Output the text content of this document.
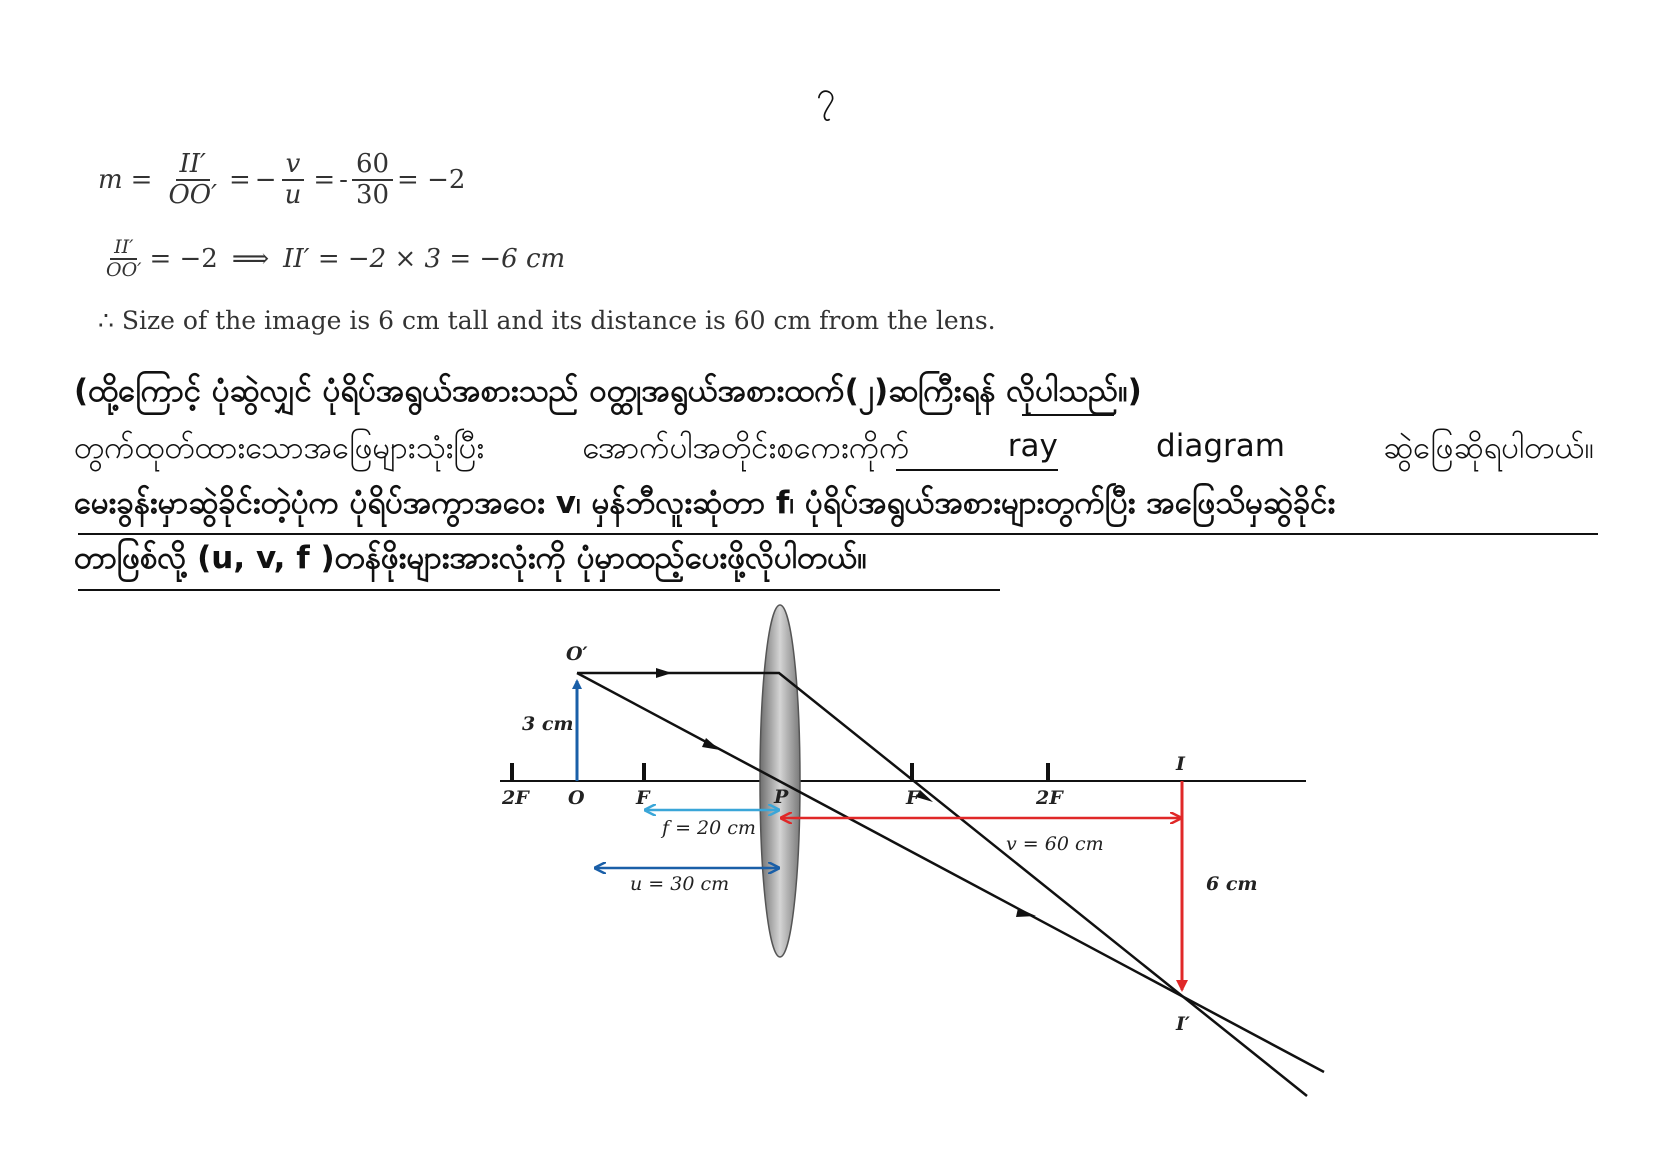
၇
$m = \frac{II'}{OO'}$ = − $\frac{v}{u}$ = - $\frac{60}{30} = -2$
$\frac{II'}{OO'} = -2$ ⟹ II′ = −2 × 3 = −6 cm
∴ Size of the image is 6 cm tall and its distance is 60 cm from the lens.
(ထို့ကြောင့် ပုံဆွဲလျှင် ပုံရိပ်အရွယ်အစားသည် ဝတ္ထုအရွယ်အစားထက်(၂)ဆကြီးရန် လိုပါသည်။)
တွက်ထုတ်ထားသောအဖြေများသုံးပြီး	အောက်ပါအတိုင်းစကေးကိုက်	ray	diagram	ဆွဲဖြေဆိုရပါတယ်။
မေးခွန်းမှာဆွဲခိုင်းတဲ့ပုံက ပုံရိပ်အကွာအဝေး v၊ မှန်ဘီလူးဆုံတာ f၊ ပုံရိပ်အရွယ်အစားများတွက်ပြီး အဖြေသိမှဆွဲခိုင်း
တာဖြစ်လို့ (u, v, f )တန်ဖိုးများအားလုံးကို ပုံမှာထည့်ပေးဖို့လိုပါတယ်။
O′
3 cm
2F O	F	P	F	2F
I
I′
f = 20 cm
u = 30 cm
v = 60 cm
6 cm
